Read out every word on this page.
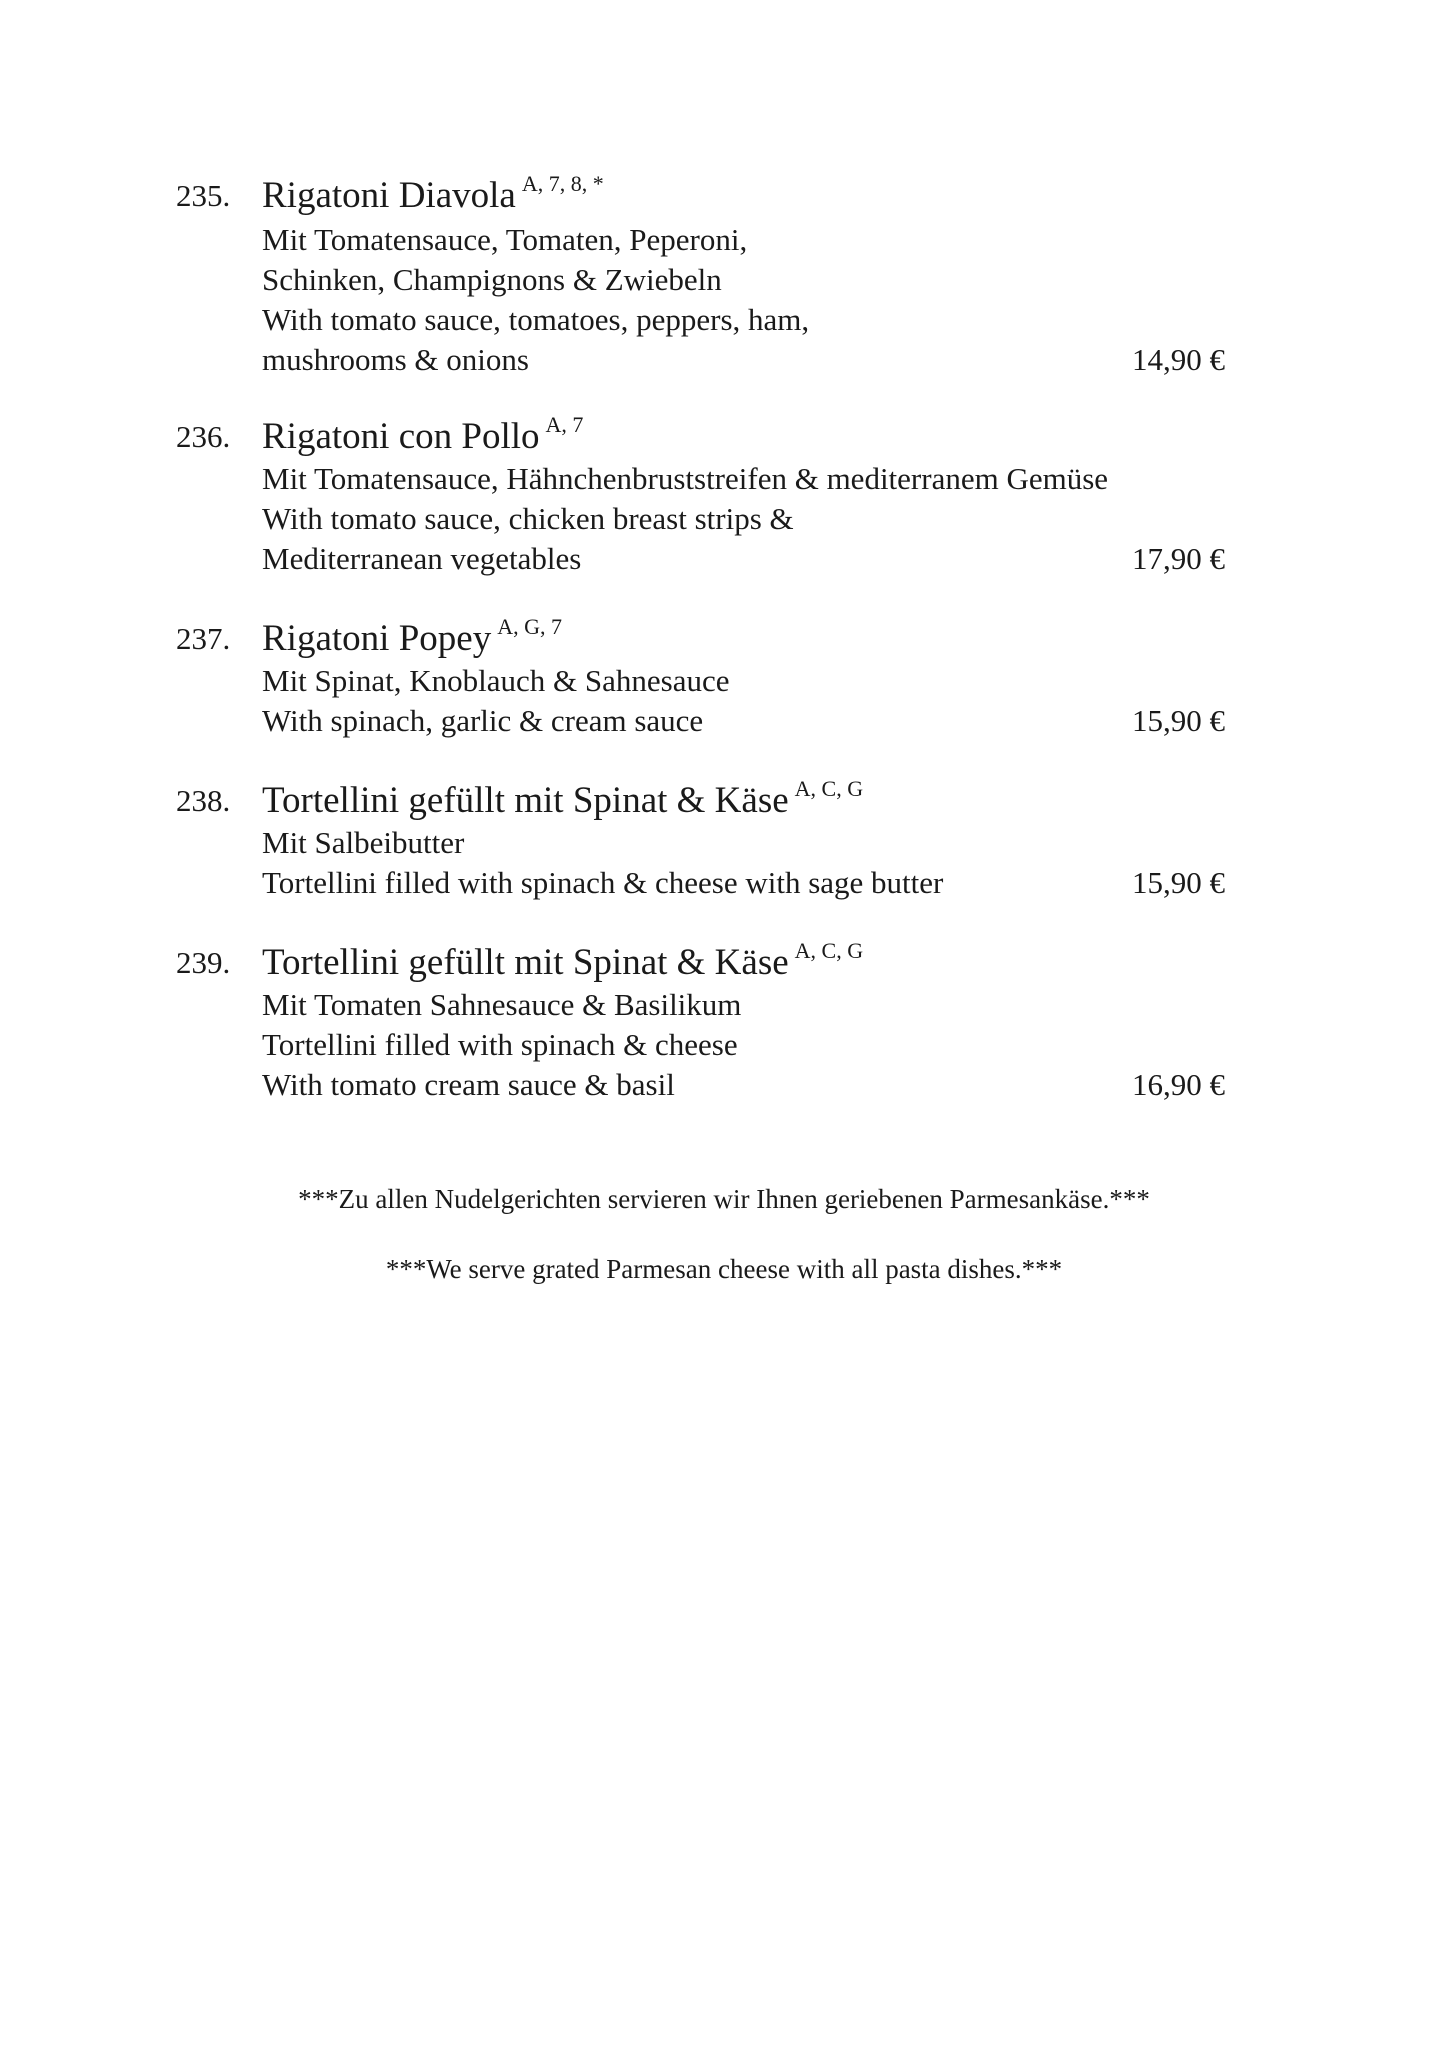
235. Rigatoni Diavola $^{A, 7, 8, *}$
Mit Tomatensauce, Tomaten, Peperoni,
Schinken, Champignons & Zwiebeln
With tomato sauce, tomatoes, peppers, ham,
mushrooms & onions	14,90 €
236. Rigatoni con Pollo $^{A, 7}$
Mit Tomatensauce, Hähnchenbruststreifen & mediterranem Gemüse
With tomato sauce, chicken breast strips &
Mediterranean vegetables	17,90 €
237. Rigatoni Popey $^{A, G, 7}$
Mit Spinat, Knoblauch & Sahnesauce
With spinach, garlic & cream sauce	15,90 €
238. Tortellini gefüllt mit Spinat & Käse $^{A, C, G}$
Mit Salbeibutter
Tortellini filled with spinach & cheese with sage butter	15,90 €
239. Tortellini gefüllt mit Spinat & Käse $^{A, C, G}$
Mit Tomaten Sahnesauce & Basilikum
Tortellini filled with spinach & cheese
With tomato cream sauce & basil	16,90 €
***Zu allen Nudelgerichten servieren wir Ihnen geriebenen Parmesankäse.***
***We serve grated Parmesan cheese with all pasta dishes.***
